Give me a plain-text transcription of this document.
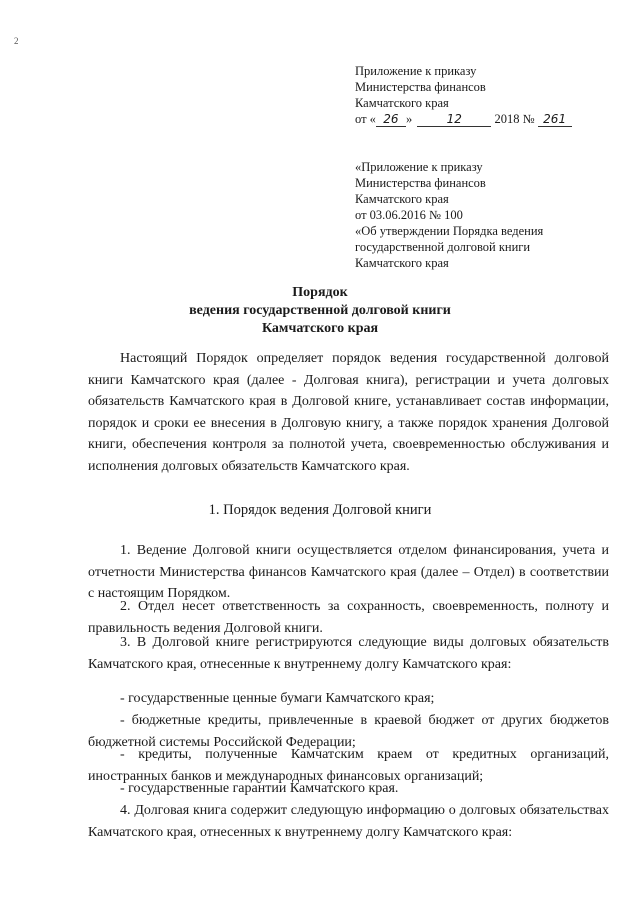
2
Приложение к приказу
Министерства финансов
Камчатского края
от « 26 »	12	2018 № 261
«Приложение к приказу
Министерства финансов
Камчатского края
от 03.06.2016 № 100
«Об утверждении Порядка ведения
государственной долговой книги
Камчатского края
Порядок
ведения государственной долговой книги
Камчатского края
Настоящий Порядок определяет порядок ведения государственной долговой книги Камчатского края (далее - Долговая книга), регистрации и учета долговых обязательств Камчатского края в Долговой книге, устанавливает состав информации, порядок и сроки ее внесения в Долговую книгу, а также порядок хранения Долговой книги, обеспечения контроля за полнотой учета, своевременностью обслуживания и исполнения долговых обязательств Камчатского края.
1. Порядок ведения Долговой книги
1. Ведение Долговой книги осуществляется отделом финансирования, учета и отчетности Министерства финансов Камчатского края (далее – Отдел) в соответствии с настоящим Порядком.
2. Отдел несет ответственность за сохранность, своевременность, полноту и правильность ведения Долговой книги.
3. В Долговой книге регистрируются следующие виды долговых обязательств Камчатского края, отнесенные к внутреннему долгу Камчатского края:
- государственные ценные бумаги Камчатского края;
- бюджетные кредиты, привлеченные в краевой бюджет от других бюджетов бюджетной системы Российской Федерации;
- кредиты, полученные Камчатским краем от кредитных организаций, иностранных банков и международных финансовых организаций;
- государственные гарантии Камчатского края.
4. Долговая книга содержит следующую информацию о долговых обязательствах Камчатского края, отнесенных к внутреннему долгу Камчатского края:
